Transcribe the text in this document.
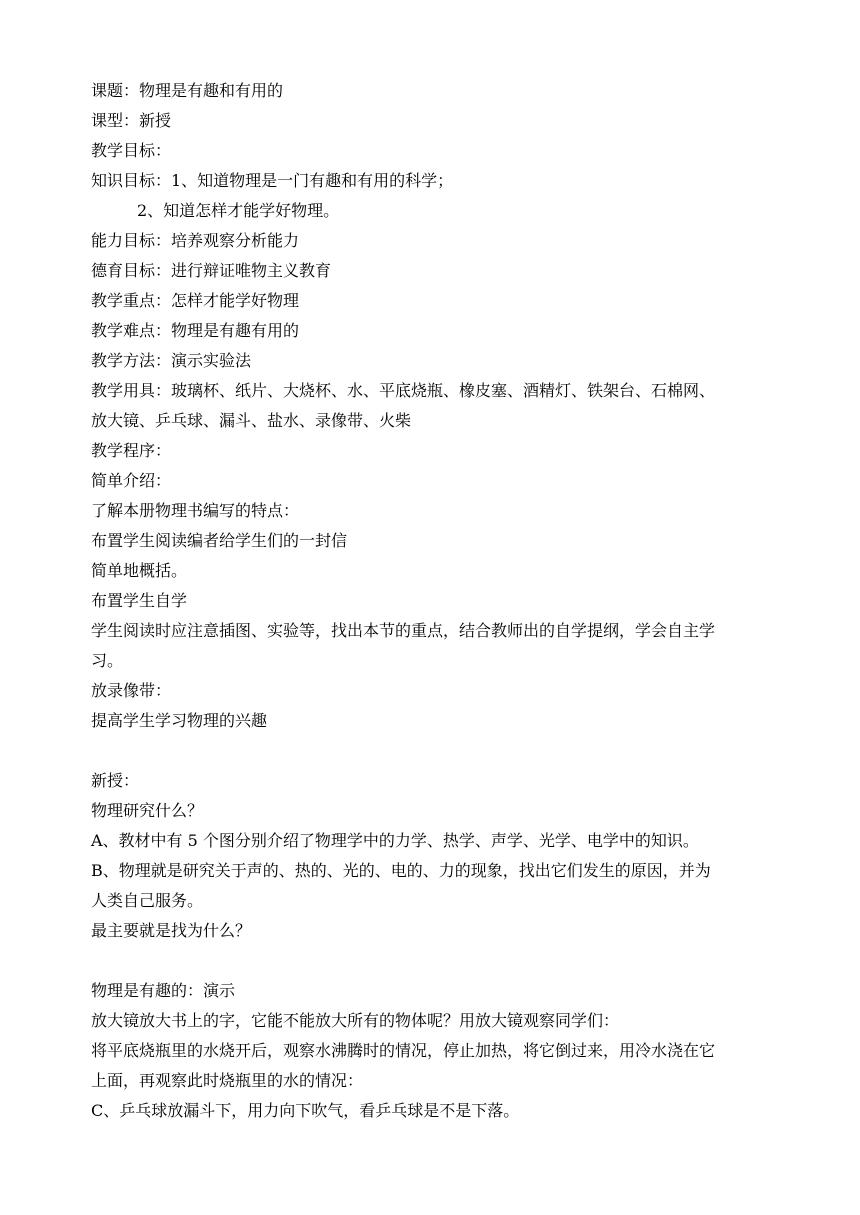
课题：物理是有趣和有用的
课型：新授
教学目标：
知识目标：1、知道物理是一门有趣和有用的科学；
2、知道怎样才能学好物理。
能力目标：培养观察分析能力
德育目标：进行辩证唯物主义教育
教学重点：怎样才能学好物理
教学难点：物理是有趣有用的
教学方法：演示实验法
教学用具：玻璃杯、纸片、大烧杯、水、平底烧瓶、橡皮塞、酒精灯、铁架台、石棉网、
放大镜、乒乓球、漏斗、盐水、录像带、火柴
教学程序：
简单介绍：
了解本册物理书编写的特点：
布置学生阅读编者给学生们的一封信
简单地概括。
布置学生自学
学生阅读时应注意插图、实验等，找出本节的重点，结合教师出的自学提纲，学会自主学
习。
放录像带：
提高学生学习物理的兴趣
新授：
物理研究什么？
A、教材中有 5 个图分别介绍了物理学中的力学、热学、声学、光学、电学中的知识。
B、物理就是研究关于声的、热的、光的、电的、力的现象，找出它们发生的原因，并为
人类自己服务。
最主要就是找为什么？
物理是有趣的：演示
放大镜放大书上的字，它能不能放大所有的物体呢？用放大镜观察同学们：
将平底烧瓶里的水烧开后，观察水沸腾时的情况，停止加热，将它倒过来，用冷水浇在它
上面，再观察此时烧瓶里的水的情况：
C、乒乓球放漏斗下，用力向下吹气，看乒乓球是不是下落。
